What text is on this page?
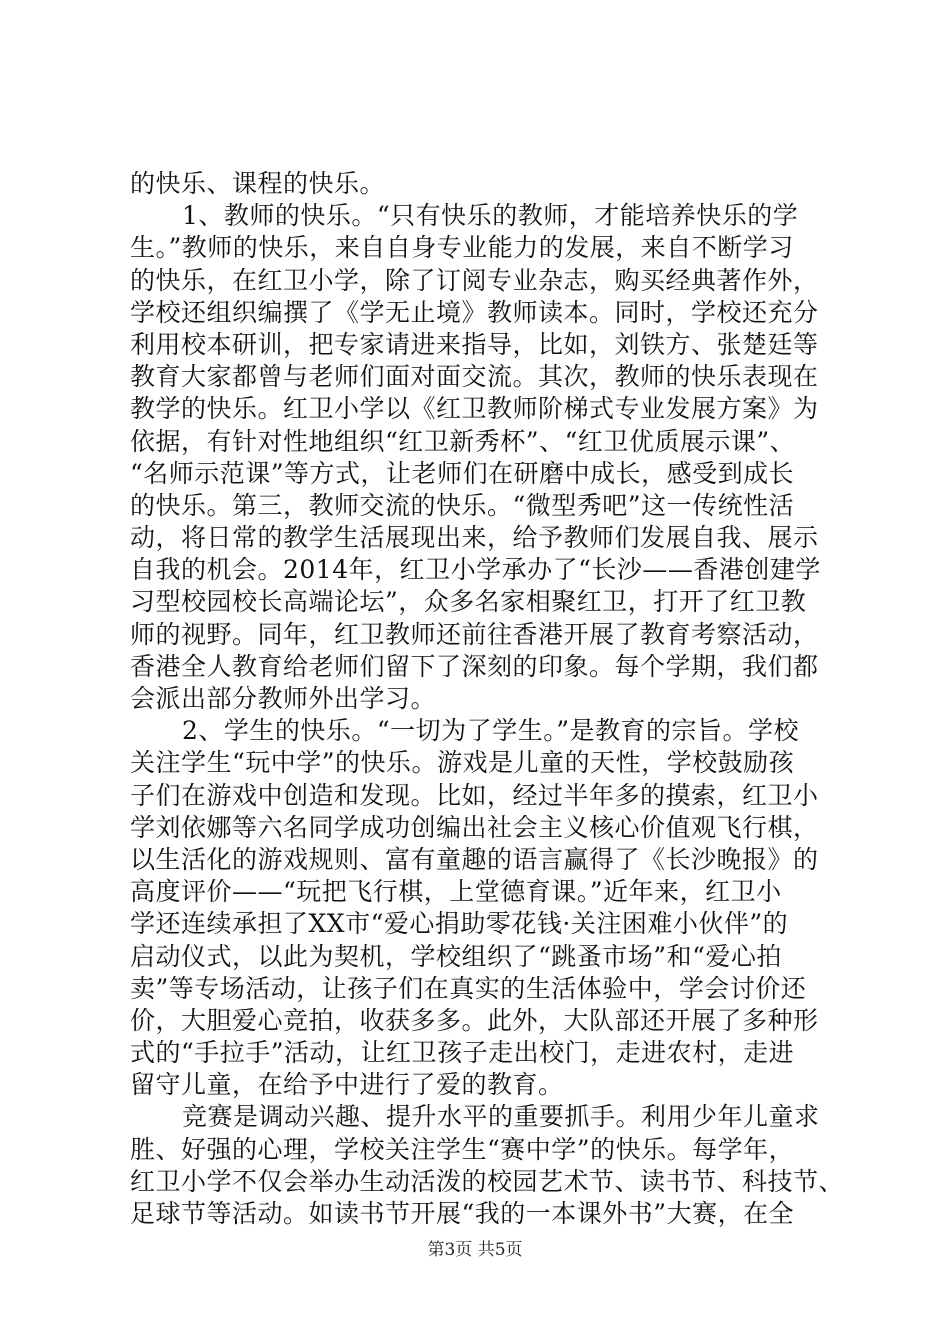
的快乐、课程的快乐。
1、教师的快乐。“只有快乐的教师，才能培养快乐的学
生。”教师的快乐，来自自身专业能力的发展，来自不断学习
的快乐，在红卫小学，除了订阅专业杂志，购买经典著作外，
学校还组织编撰了《学无止境》教师读本。同时，学校还充分
利用校本研训，把专家请进来指导，比如，刘铁方、张楚廷等
教育大家都曾与老师们面对面交流。其次，教师的快乐表现在
教学的快乐。红卫小学以《红卫教师阶梯式专业发展方案》为
依据，有针对性地组织“红卫新秀杯”、“红卫优质展示课”、
“名师示范课”等方式，让老师们在研磨中成长，感受到成长
的快乐。第三，教师交流的快乐。“微型秀吧”这一传统性活
动，将日常的教学生活展现出来，给予教师们发展自我、展示
自我的机会。2014年，红卫小学承办了“长沙——香港创建学
习型校园校长高端论坛”，众多名家相聚红卫，打开了红卫教
师的视野。同年，红卫教师还前往香港开展了教育考察活动，
香港全人教育给老师们留下了深刻的印象。每个学期，我们都
会派出部分教师外出学习。
2、学生的快乐。“一切为了学生。”是教育的宗旨。学校
关注学生“玩中学”的快乐。游戏是儿童的天性，学校鼓励孩
子们在游戏中创造和发现。比如，经过半年多的摸索，红卫小
学刘依娜等六名同学成功创编出社会主义核心价值观飞行棋，
以生活化的游戏规则、富有童趣的语言赢得了《长沙晚报》的
高度评价——“玩把飞行棋，上堂德育课。”近年来，红卫小
学还连续承担了XX市“爱心捐助零花钱·关注困难小伙伴”的
启动仪式，以此为契机，学校组织了“跳蚤市场”和“爱心拍
卖”等专场活动，让孩子们在真实的生活体验中，学会讨价还
价，大胆爱心竞拍，收获多多。此外，大队部还开展了多种形
式的“手拉手”活动，让红卫孩子走出校门，走进农村，走进
留守儿童，在给予中进行了爱的教育。
竞赛是调动兴趣、提升水平的重要抓手。利用少年儿童求
胜、好强的心理，学校关注学生“赛中学”的快乐。每学年，
红卫小学不仅会举办生动活泼的校园艺术节、读书节、科技节、
足球节等活动。如读书节开展“我的一本课外书”大赛，在全
第3页 共5页
